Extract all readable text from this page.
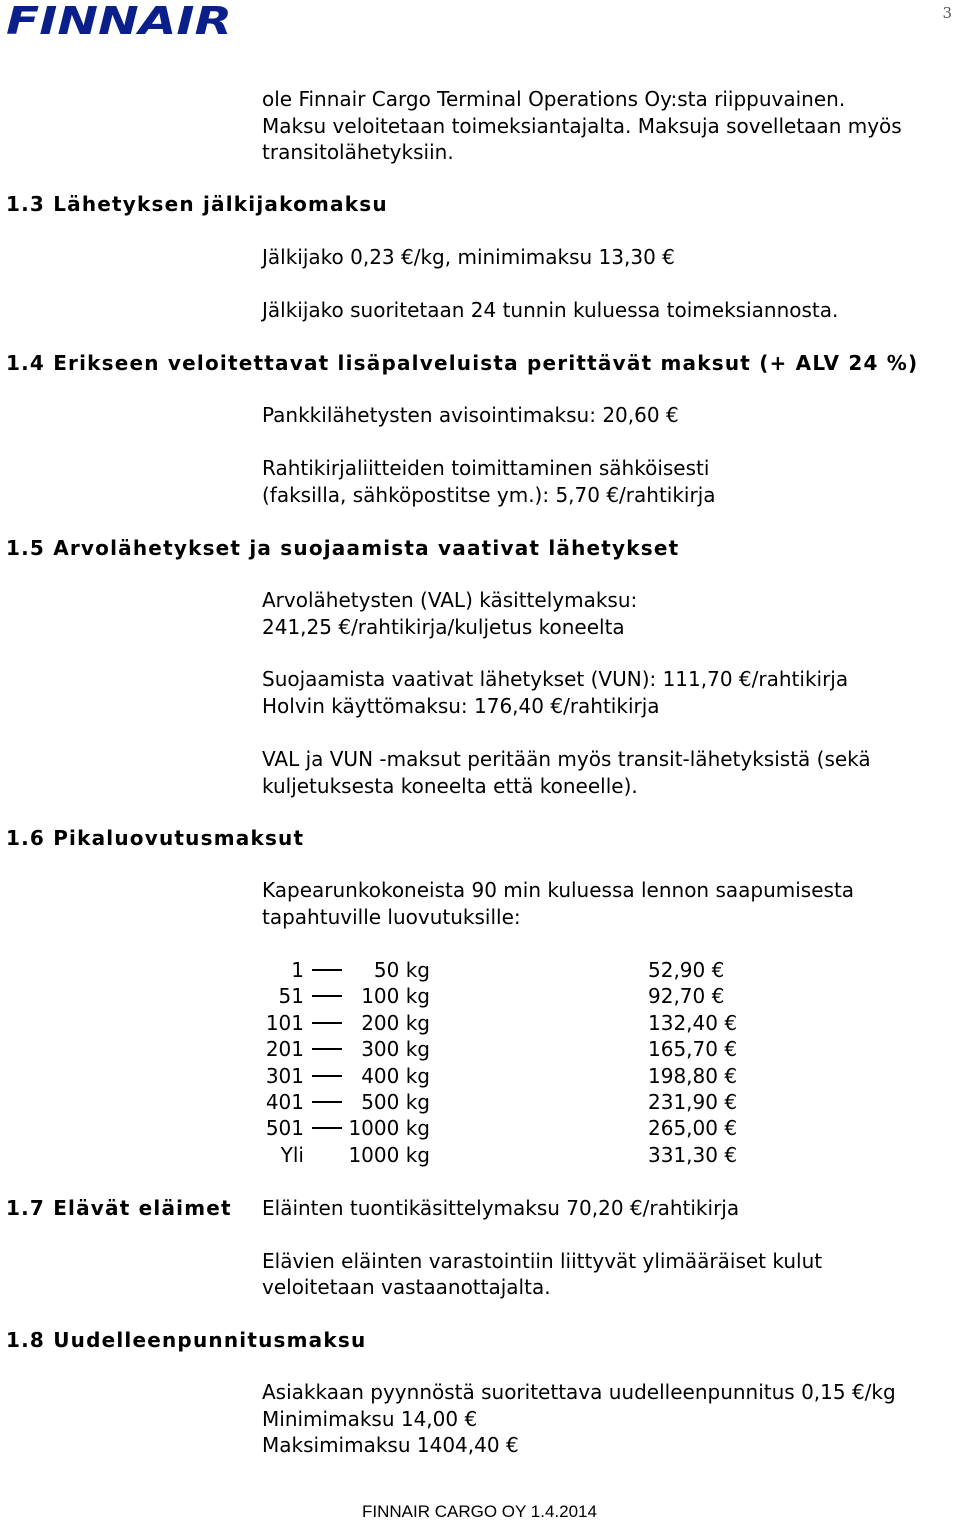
FINNAIR	3
ole Finnair Cargo Terminal Operations Oy:sta riippuvainen.
Maksu veloitetaan toimeksiantajalta. Maksuja sovelletaan myös
transitolähetyksiin.
1.3 Lähetyksen jälkijakomaksu
Jälkijako 0,23 €/kg, minimimaksu 13,30 €
Jälkijako suoritetaan 24 tunnin kuluessa toimeksiannosta.
1.4 Erikseen veloitettavat lisäpalveluista perittävät maksut (+ ALV 24 %)
Pankkilähetysten avisointimaksu: 20,60 €
Rahtikirjaliitteiden toimittaminen sähköisesti
(faksilla, sähköpostitse ym.): 5,70 €/rahtikirja
1.5 Arvolähetykset ja suojaamista vaativat lähetykset
Arvolähetysten (VAL) käsittelymaksu:
241,25 €/rahtikirja/kuljetus koneelta
Suojaamista vaativat lähetykset (VUN): 111,70 €/rahtikirja
Holvin käyttömaksu: 176,40 €/rahtikirja
VAL ja VUN -maksut peritään myös transit-lähetyksistä (sekä
kuljetuksesta koneelta että koneelle).
1.6 Pikaluovutusmaksut
Kapearunkokoneista 90 min kuluessa lennon saapumisesta
tapahtuville luovutuksille:
1	50 kg	52,90 €
51	100 kg	92,70 €
101	200 kg	132,40 €
201	300 kg	165,70 €
301	400 kg	198,80 €
401	500 kg	231,90 €
501	1000 kg	265,00 €
Yli	1000 kg	331,30 €
1.7 Elävät eläimet Eläinten tuontikäsittelymaksu 70,20 €/rahtikirja
Elävien eläinten varastointiin liittyvät ylimääräiset kulut
veloitetaan vastaanottajalta.
1.8 Uudelleenpunnitusmaksu
Asiakkaan pyynnöstä suoritettava uudelleenpunnitus 0,15 €/kg
Minimimaksu 14,00 €
Maksimimaksu 1404,40 €
FINNAIR CARGO OY 1.4.2014
